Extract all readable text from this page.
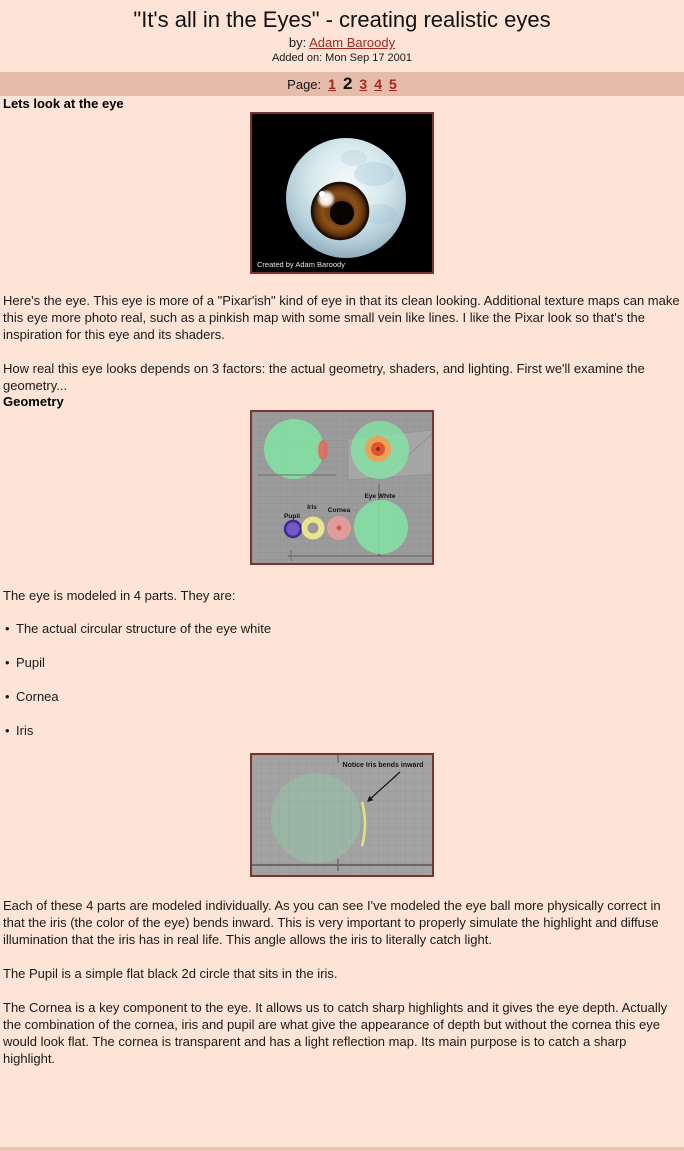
"It's all in the Eyes" - creating realistic eyes
by: Adam Baroody
Added on: Mon Sep 17 2001
Page: 1 2 3 4 5
Lets look at the eye
Created by Adam Baroody

Here's the eye. This eye is more of a "Pixar'ish" kind of eye in that its clean looking. Additional texture maps can make this eye more photo real, such as a pinkish map with some small vein like lines. I like the Pixar look so that's the inspiration for this eye and its shaders.

How real this eye looks depends on 3 factors: the actual geometry, shaders, and lighting. First we'll examine the geometry...

Geometry
Pupil
Iris Cornea
Eye White

The eye is modeled in 4 parts. They are:

• The actual circular structure of the eye white
• Pupil
• Cornea
• Iris
Notice Iris bends inward

Each of these 4 parts are modeled individually. As you can see I've modeled the eye ball more physically correct in that the iris (the color of the eye) bends inward. This is very important to properly simulate the highlight and diffuse illumination that the iris has in real life. This angle allows the iris to literally catch light.

The Pupil is a simple flat black 2d circle that sits in the iris.

The Cornea is a key component to the eye. It allows us to catch sharp highlights and it gives the eye depth. Actually the combination of the cornea, iris and pupil are what give the appearance of depth but without the cornea this eye would look flat. The cornea is transparent and has a light reflection map. Its main purpose is to catch a sharp highlight.
